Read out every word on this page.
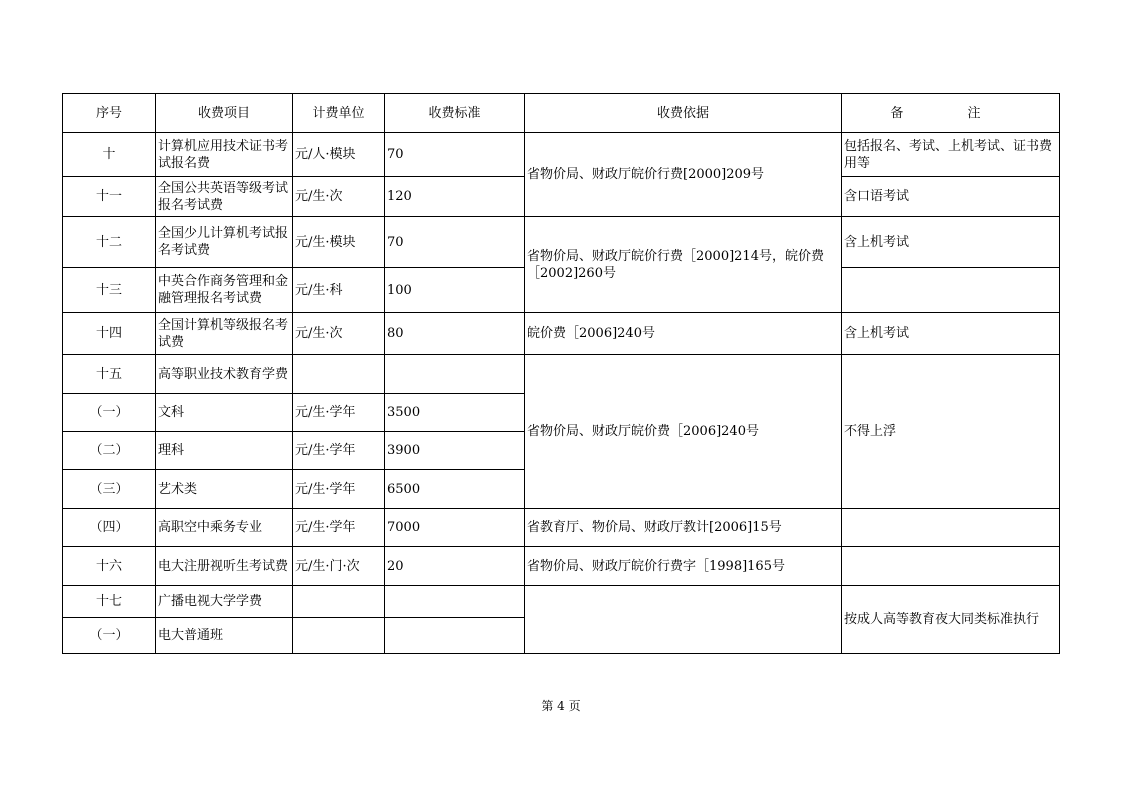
序号	收费项目	计费单位	收费标准	收费依据	备 注
十	计算机应用技术证书考试报名费	元/人·模块	70	省物价局、财政厅皖价行费[2000]209号	包括报名、考试、上机考试、证书费用等
十一	全国公共英语等级考试报名考试费	元/生·次	120		含口语考试
十二	全国少儿计算机考试报名考试费	元/生·模块	70	省物价局、财政厅皖价行费［2000]214号，皖价费［2002]260号	含上机考试
十三	中英合作商务管理和金融管理报名考试费	元/生·科	100		
十四	全国计算机等级报名考试费	元/生·次	80	皖价费［2006]240号	含上机考试
十五	高等职业技术教育学费			省物价局、财政厅皖价费［2006]240号	不得上浮
（一）	文科	元/生·学年	3500		
（二）	理科	元/生·学年	3900		
（三）	艺术类	元/生·学年	6500		
（四）	高职空中乘务专业	元/生·学年	7000	省教育厅、物价局、财政厅教计[2006]15号	
十六	电大注册视听生考试费	元/生·门·次	20	省物价局、财政厅皖价行费字［1998]165号	
十七	广播电视大学学费				按成人高等教育夜大同类标准执行
（一）	电大普通班				
第 4 页
